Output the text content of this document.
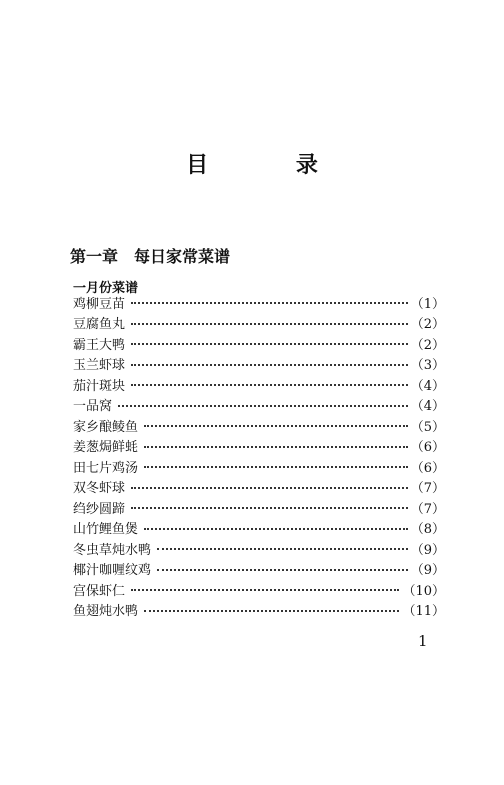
目 录
第一章　每日家常菜谱
一月份菜谱
鸡柳豆苗	（1）
豆腐鱼丸	（2）
霸王大鸭	（2）
玉兰虾球	（3）
茄汁斑块	（4）
一品窝	（4）
家乡酿鲮鱼	（5）
姜葱焗鲜蚝	（6）
田七片鸡汤	（6）
双冬虾球	（7）
绉纱圆蹄	（7）
山竹鲤鱼煲	（8）
冬虫草炖水鸭	（9）
椰汁咖喱纹鸡	（9）
宫保虾仁	（10）
鱼翅炖水鸭	（11）
1
